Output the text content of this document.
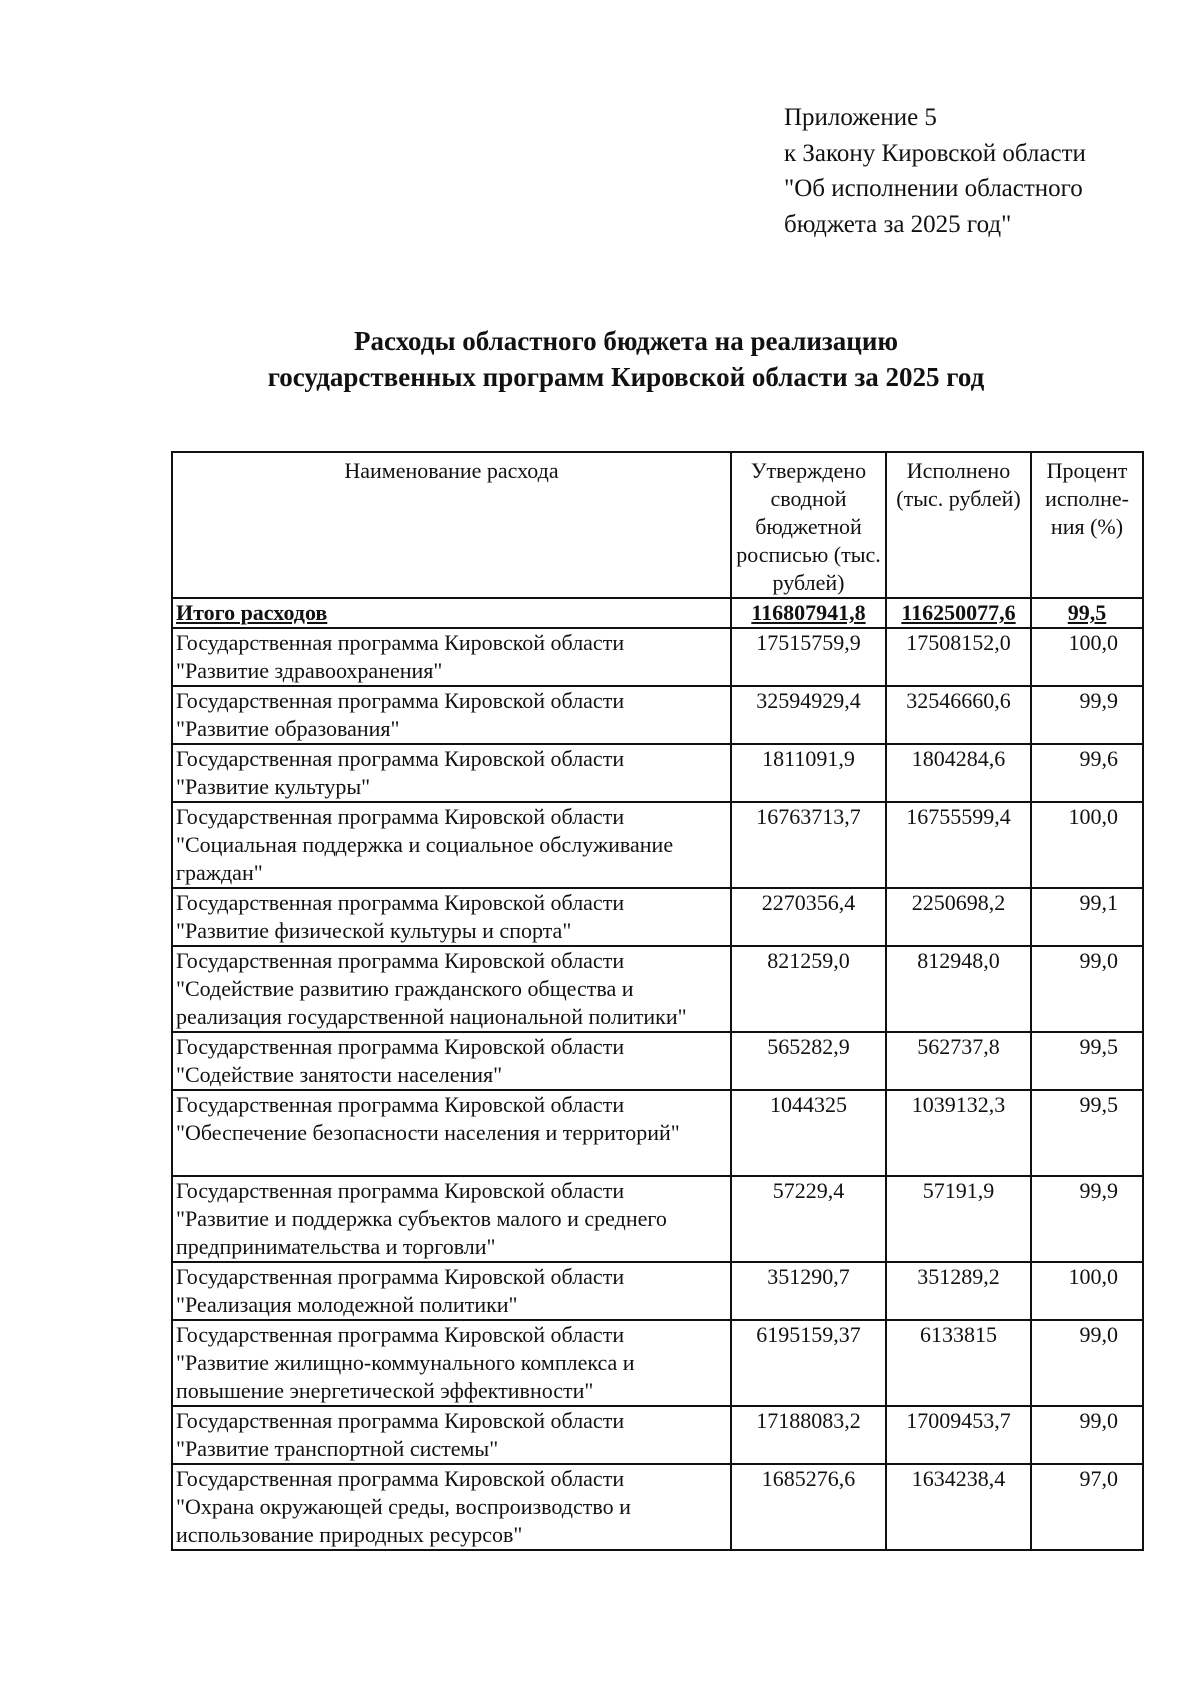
Приложение 5
к Закону Кировской области
"Об исполнении областного
бюджета за 2025 год"
Расходы областного бюджета на реализацию
государственных программ Кировской области за 2025 год
Наименование расхода	Утверждено сводной бюджетной росписью (тыс. рублей)	Исполнено (тыс. рублей)	Процент исполне-ния (%)
Итого расходов	116807941,8	116250077,6	99,5

Государственная программа Кировской области
"Развитие здравоохранения"	17515759,9	17508152,0	100,0

Государственная программа Кировской области
"Развитие образования"	32594929,4	32546660,6	99,9

Государственная программа Кировской области
"Развитие культуры"	1811091,9	1804284,6	99,6

Государственная программа Кировской области
"Социальная поддержка и социальное обслуживание граждан"	16763713,7	16755599,4	100,0

Государственная программа Кировской области
"Развитие физической культуры и спорта"	2270356,4	2250698,2	99,1

Государственная программа Кировской области
"Содействие развитию гражданского общества и реализация государственной национальной политики"	821259,0	812948,0	99,0

Государственная программа Кировской области
"Содействие занятости населения"	565282,9	562737,8	99,5

Государственная программа Кировской области
"Обеспечение безопасности населения и территорий"	1044325	1039132,3	99,5

Государственная программа Кировской области
"Развитие и поддержка субъектов малого и среднего предпринимательства и торговли"	57229,4	57191,9	99,9

Государственная программа Кировской области
"Реализация молодежной политики"	351290,7	351289,2	100,0

Государственная программа Кировской области
"Развитие жилищно-коммунального комплекса и повышение энергетической эффективности"	6195159,37	6133815	99,0

Государственная программа Кировской области
"Развитие транспортной системы"	17188083,2	17009453,7	99,0

Государственная программа Кировской области
"Охрана окружающей среды, воспроизводство и использование природных ресурсов"	1685276,6	1634238,4	97,0
